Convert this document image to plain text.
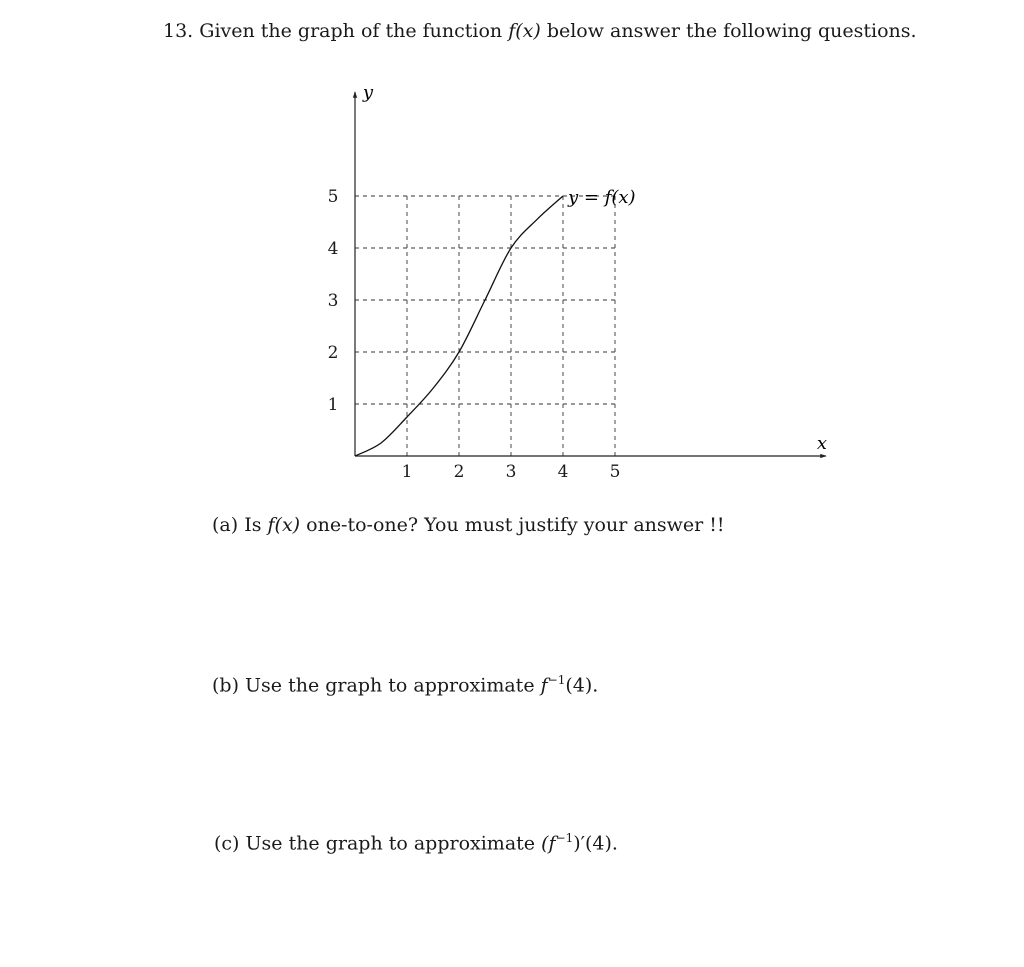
13. Given the graph of the function f(x) below answer the following questions.
1 2 3 4 5
1
2
3
4
5
x
y
y = f(x)
(a) Is f(x) one-to-one? You must justify your answer !!
(b) Use the graph to approximate $f^{-1}(4)$.
(c) Use the graph to approximate $(f^{-1})'(4)$.
